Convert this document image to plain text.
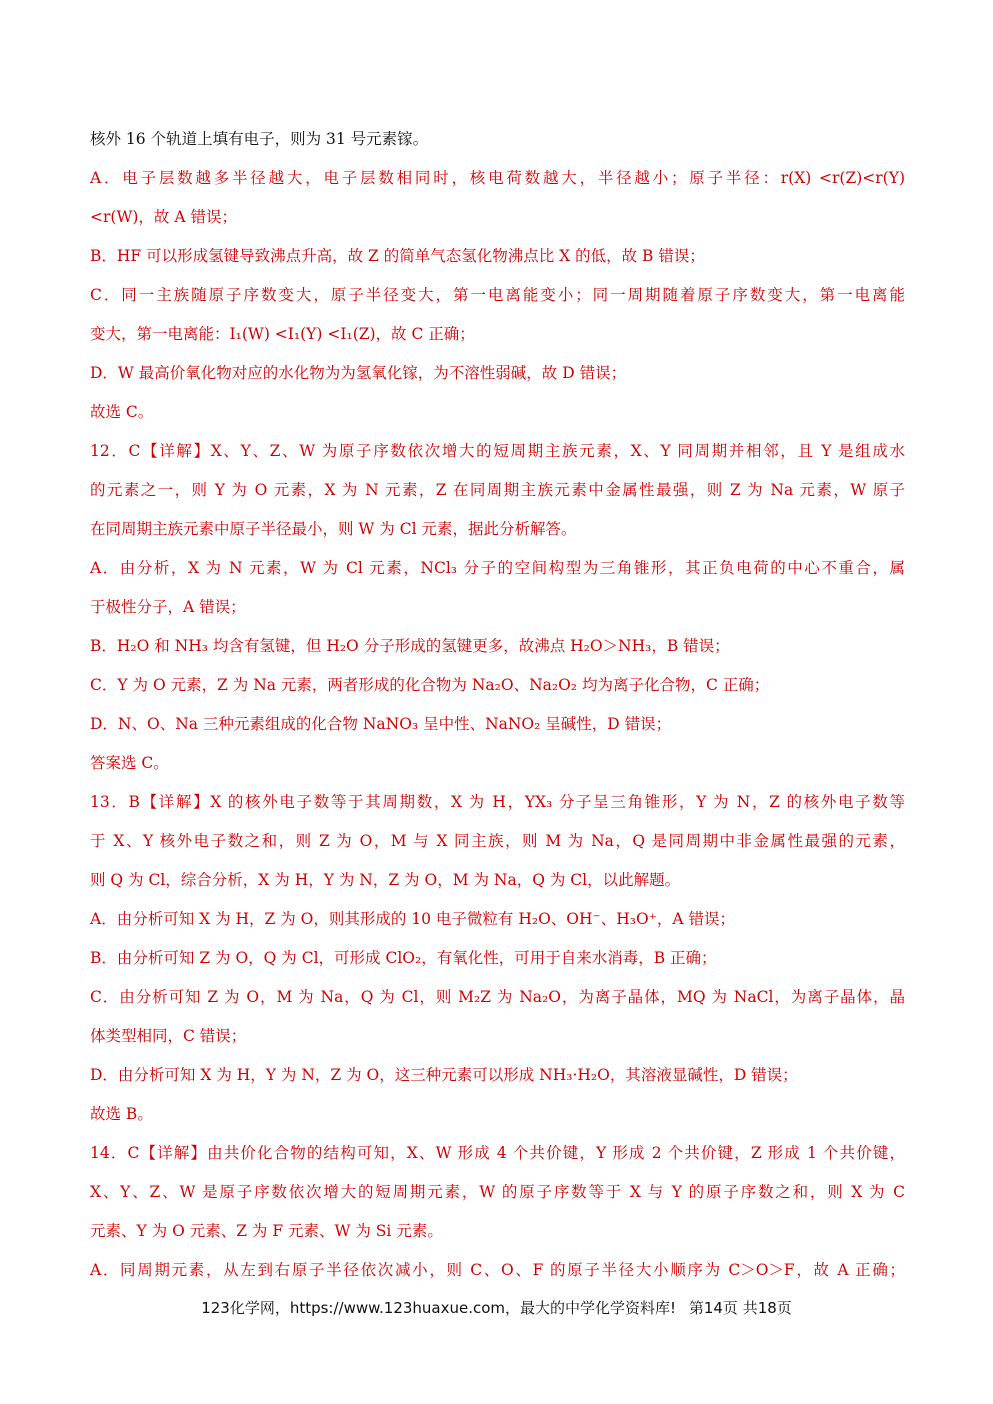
核外 16 个轨道上填有电子，则为 31 号元素镓。
A．电子层数越多半径越大，电子层数相同时，核电荷数越大，半径越小；原子半径：r(X) <r(Z)<r(Y)
<r(W)，故 A 错误；
B．HF 可以形成氢键导致沸点升高，故 Z 的简单气态氢化物沸点比 X 的低，故 B 错误；
C．同一主族随原子序数变大，原子半径变大，第一电离能变小；同一周期随着原子序数变大，第一电离能
变大，第一电离能：I₁(W) <I₁(Y) <I₁(Z)，故 C 正确；
D．W 最高价氧化物对应的水化物为为氢氧化镓，为不溶性弱碱，故 D 错误；
故选 C。
12．C【详解】X、Y、Z、W 为原子序数依次增大的短周期主族元素，X、Y 同周期并相邻，且 Y 是组成水
的元素之一，则 Y 为 O 元素，X 为 N 元素，Z 在同周期主族元素中金属性最强，则 Z 为 Na 元素，W 原子
在同周期主族元素中原子半径最小，则 W 为 Cl 元素，据此分析解答。
A．由分析，X 为 N 元素，W 为 Cl 元素，NCl₃ 分子的空间构型为三角锥形，其正负电荷的中心不重合，属
于极性分子，A 错误；
B．H₂O 和 NH₃ 均含有氢键，但 H₂O 分子形成的氢键更多，故沸点 H₂O＞NH₃，B 错误；
C．Y 为 O 元素，Z 为 Na 元素，两者形成的化合物为 Na₂O、Na₂O₂ 均为离子化合物，C 正确；
D．N、O、Na 三种元素组成的化合物 NaNO₃ 呈中性、NaNO₂ 呈碱性，D 错误；
答案选 C。
13．B【详解】X 的核外电子数等于其周期数，X 为 H，YX₃ 分子呈三角锥形，Y 为 N，Z 的核外电子数等
于 X、Y 核外电子数之和，则 Z 为 O，M 与 X 同主族，则 M 为 Na，Q 是同周期中非金属性最强的元素，
则 Q 为 Cl，综合分析，X 为 H，Y 为 N，Z 为 O，M 为 Na，Q 为 Cl，以此解题。
A．由分析可知 X 为 H，Z 为 O，则其形成的 10 电子微粒有 H₂O、OH⁻、H₃O⁺，A 错误；
B．由分析可知 Z 为 O，Q 为 Cl，可形成 ClO₂，有氧化性，可用于自来水消毒，B 正确；
C．由分析可知 Z 为 O，M 为 Na，Q 为 Cl，则 M₂Z 为 Na₂O，为离子晶体，MQ 为 NaCl，为离子晶体，晶
体类型相同，C 错误；
D．由分析可知 X 为 H，Y 为 N，Z 为 O，这三种元素可以形成 NH₃·H₂O，其溶液显碱性，D 错误；
故选 B。
14．C【详解】由共价化合物的结构可知，X、W 形成 4 个共价键，Y 形成 2 个共价键，Z 形成 1 个共价键，
X、Y、Z、W 是原子序数依次增大的短周期元素，W 的原子序数等于 X 与 Y 的原子序数之和，则 X 为 C
元素、Y 为 O 元素、Z 为 F 元素、W 为 Si 元素。
A．同周期元素，从左到右原子半径依次减小，则 C、O、F 的原子半径大小顺序为 C＞O＞F，故 A 正确；
123化学网，https://www.123huaxue.com，最大的中学化学资料库! 第14页 共18页
